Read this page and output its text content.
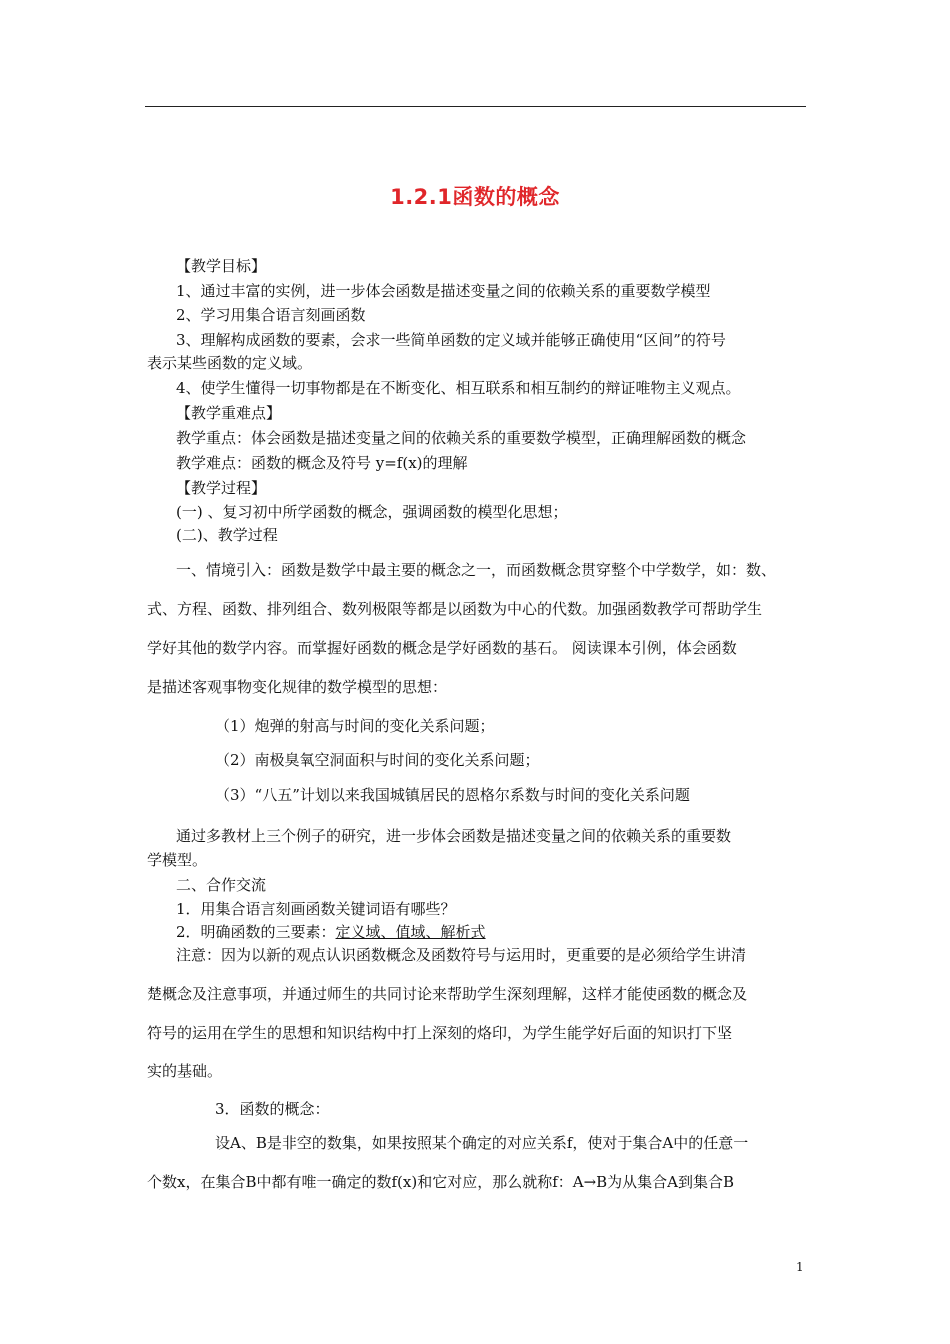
1.2.1函数的概念
【教学目标】
1、通过丰富的实例，进一步体会函数是描述变量之间的依赖关系的重要数学模型
2、学习用集合语言刻画函数
3、理解构成函数的要素，会求一些简单函数的定义域并能够正确使用“区间”的符号
表示某些函数的定义域。
4、使学生懂得一切事物都是在不断变化、相互联系和相互制约的辩证唯物主义观点。
【教学重难点】
教学重点：体会函数是描述变量之间的依赖关系的重要数学模型，正确理解函数的概念
教学难点：函数的概念及符号 y=f(x)的理解
【教学过程】
(一) 、复习初中所学函数的概念，强调函数的模型化思想；
(二)、教学过程
一、情境引入：函数是数学中最主要的概念之一，而函数概念贯穿整个中学数学，如：数、
式、方程、函数、排列组合、数列极限等都是以函数为中心的代数。加强函数教学可帮助学生
学好其他的数学内容。而掌握好函数的概念是学好函数的基石。 阅读课本引例，体会函数
是描述客观事物变化规律的数学模型的思想：
（1）炮弹的射高与时间的变化关系问题；
（2）南极臭氧空洞面积与时间的变化关系问题；
（3）“八五”计划以来我国城镇居民的恩格尔系数与时间的变化关系问题
通过多教材上三个例子的研究，进一步体会函数是描述变量之间的依赖关系的重要数
学模型。
二、合作交流
1．用集合语言刻画函数关键词语有哪些？
2．明确函数的三要素：定义域、值域、解析式
注意：因为以新的观点认识函数概念及函数符号与运用时，更重要的是必须给学生讲清
楚概念及注意事项，并通过师生的共同讨论来帮助学生深刻理解，这样才能使函数的概念及
符号的运用在学生的思想和知识结构中打上深刻的烙印，为学生能学好后面的知识打下坚
实的基础。
3．函数的概念：
设A、B是非空的数集，如果按照某个确定的对应关系f，使对于集合A中的任意一
个数x，在集合B中都有唯一确定的数f(x)和它对应，那么就称f：A→B为从集合A到集合B
1
